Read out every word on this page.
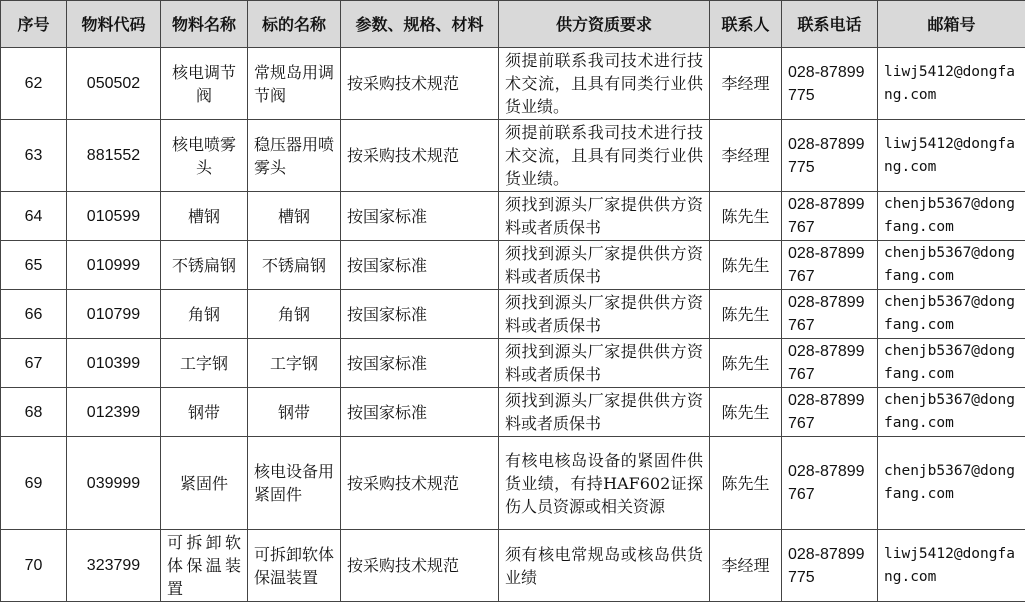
序号	物料代码	物料名称	标的名称	参数、规格、材料	供方资质要求	联系人	联系电话	邮箱号
62	050502	核电调节阀	常规岛用调节阀	按采购技术规范	须提前联系我司技术进行技术交流，且具有同类行业供货业绩。	李经理	028-87899775	liwj5412@dongfang.com
63	881552	核电喷雾头	稳压器用喷雾头	按采购技术规范	须提前联系我司技术进行技术交流，且具有同类行业供货业绩。	李经理	028-87899775	liwj5412@dongfang.com
64	010599	槽钢	槽钢	按国家标准	须找到源头厂家提供供方资料或者质保书	陈先生	028-87899767	chenjb5367@dongfang.com
65	010999	不锈扁钢	不锈扁钢	按国家标准	须找到源头厂家提供供方资料或者质保书	陈先生	028-87899767	chenjb5367@dongfang.com
66	010799	角钢	角钢	按国家标准	须找到源头厂家提供供方资料或者质保书	陈先生	028-87899767	chenjb5367@dongfang.com
67	010399	工字钢	工字钢	按国家标准	须找到源头厂家提供供方资料或者质保书	陈先生	028-87899767	chenjb5367@dongfang.com
68	012399	钢带	钢带	按国家标准	须找到源头厂家提供供方资料或者质保书	陈先生	028-87899767	chenjb5367@dongfang.com
69	039999	紧固件	核电设备用紧固件	按采购技术规范	有核电核岛设备的紧固件供货业绩，有持HAF602证探伤人员资源或相关资源	陈先生	028-87899767	chenjb5367@dongfang.com
70	323799	可拆卸软体保温装置	可拆卸软体保温装置	按采购技术规范	须有核电常规岛或核岛供货业绩	李经理	028-87899775	liwj5412@dongfang.com
